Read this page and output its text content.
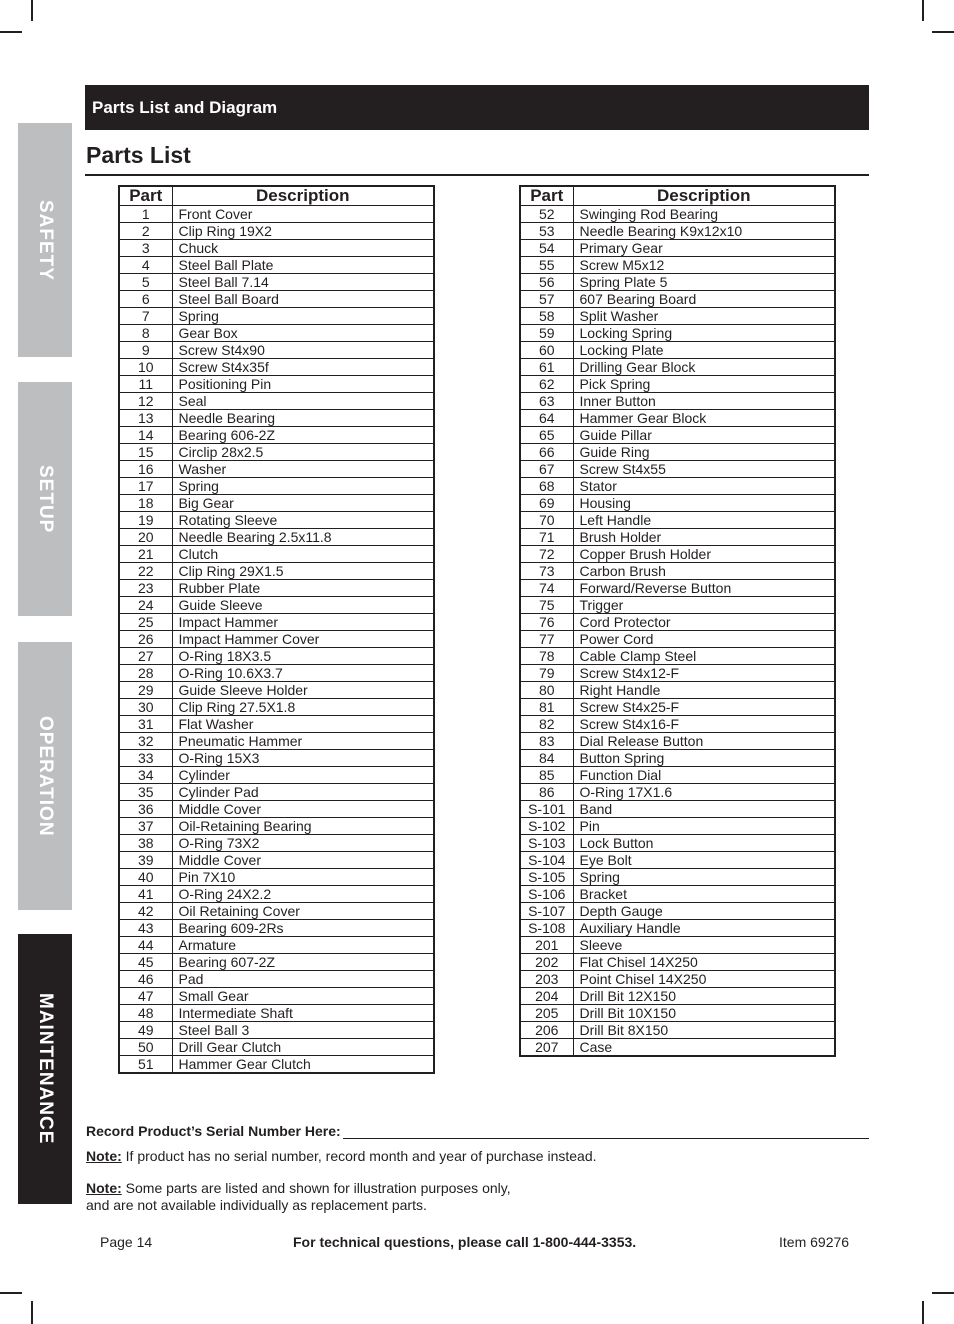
SAFETY
SETUP
OPERATION
MAINTENANCE
Parts List and Diagram
Parts List
Part	Description
1	Front Cover
2	Clip Ring 19X2
3	Chuck
4	Steel Ball Plate
5	Steel Ball 7.14
6	Steel Ball Board
7	Spring
8	Gear Box
9	Screw St4x90
10	Screw St4x35f
11	Positioning Pin
12	Seal
13	Needle Bearing
14	Bearing 606-2Z
15	Circlip 28x2.5
16	Washer
17	Spring
18	Big Gear
19	Rotating Sleeve
20	Needle Bearing 2.5x11.8
21	Clutch
22	Clip Ring 29X1.5
23	Rubber Plate
24	Guide Sleeve
25	Impact Hammer
26	Impact Hammer Cover
27	O-Ring 18X3.5
28	O-Ring 10.6X3.7
29	Guide Sleeve Holder
30	Clip Ring 27.5X1.8
31	Flat Washer
32	Pneumatic Hammer
33	O-Ring 15X3
34	Cylinder
35	Cylinder Pad
36	Middle Cover
37	Oil-Retaining Bearing
38	O-Ring 73X2
39	Middle Cover
40	Pin 7X10
41	O-Ring 24X2.2
42	Oil Retaining Cover
43	Bearing 609-2Rs
44	Armature
45	Bearing 607-2Z
46	Pad
47	Small Gear
48	Intermediate Shaft
49	Steel Ball 3
50	Drill Gear Clutch
51	Hammer Gear Clutch
Part	Description
52	Swinging Rod Bearing
53	Needle Bearing K9x12x10
54	Primary Gear
55	Screw M5x12
56	Spring Plate 5
57	607 Bearing Board
58	Split Washer
59	Locking Spring
60	Locking Plate
61	Drilling Gear Block
62	Pick Spring
63	Inner Button
64	Hammer Gear Block
65	Guide Pillar
66	Guide Ring
67	Screw St4x55
68	Stator
69	Housing
70	Left Handle
71	Brush Holder
72	Copper Brush Holder
73	Carbon Brush
74	Forward/Reverse Button
75	Trigger
76	Cord Protector
77	Power Cord
78	Cable Clamp Steel
79	Screw St4x12-F
80	Right Handle
81	Screw St4x25-F
82	Screw St4x16-F
83	Dial Release Button
84	Button Spring
85	Function Dial
86	O-Ring 17X1.6
S-101	Band
S-102	Pin
S-103	Lock Button
S-104	Eye Bolt
S-105	Spring
S-106	Bracket
S-107	Depth Gauge
S-108	Auxiliary Handle
201	Sleeve
202	Flat Chisel 14X250
203	Point Chisel 14X250
204	Drill Bit 12X150
205	Drill Bit 10X150
206	Drill Bit 8X150
207	Case
Record Product’s Serial Number Here:
Note: If product has no serial number, record month and year of purchase instead.
Note: Some parts are listed and shown for illustration purposes only,
and are not available individually as replacement parts.
Page 14	For technical questions, please call 1-800-444-3353.	Item 69276
